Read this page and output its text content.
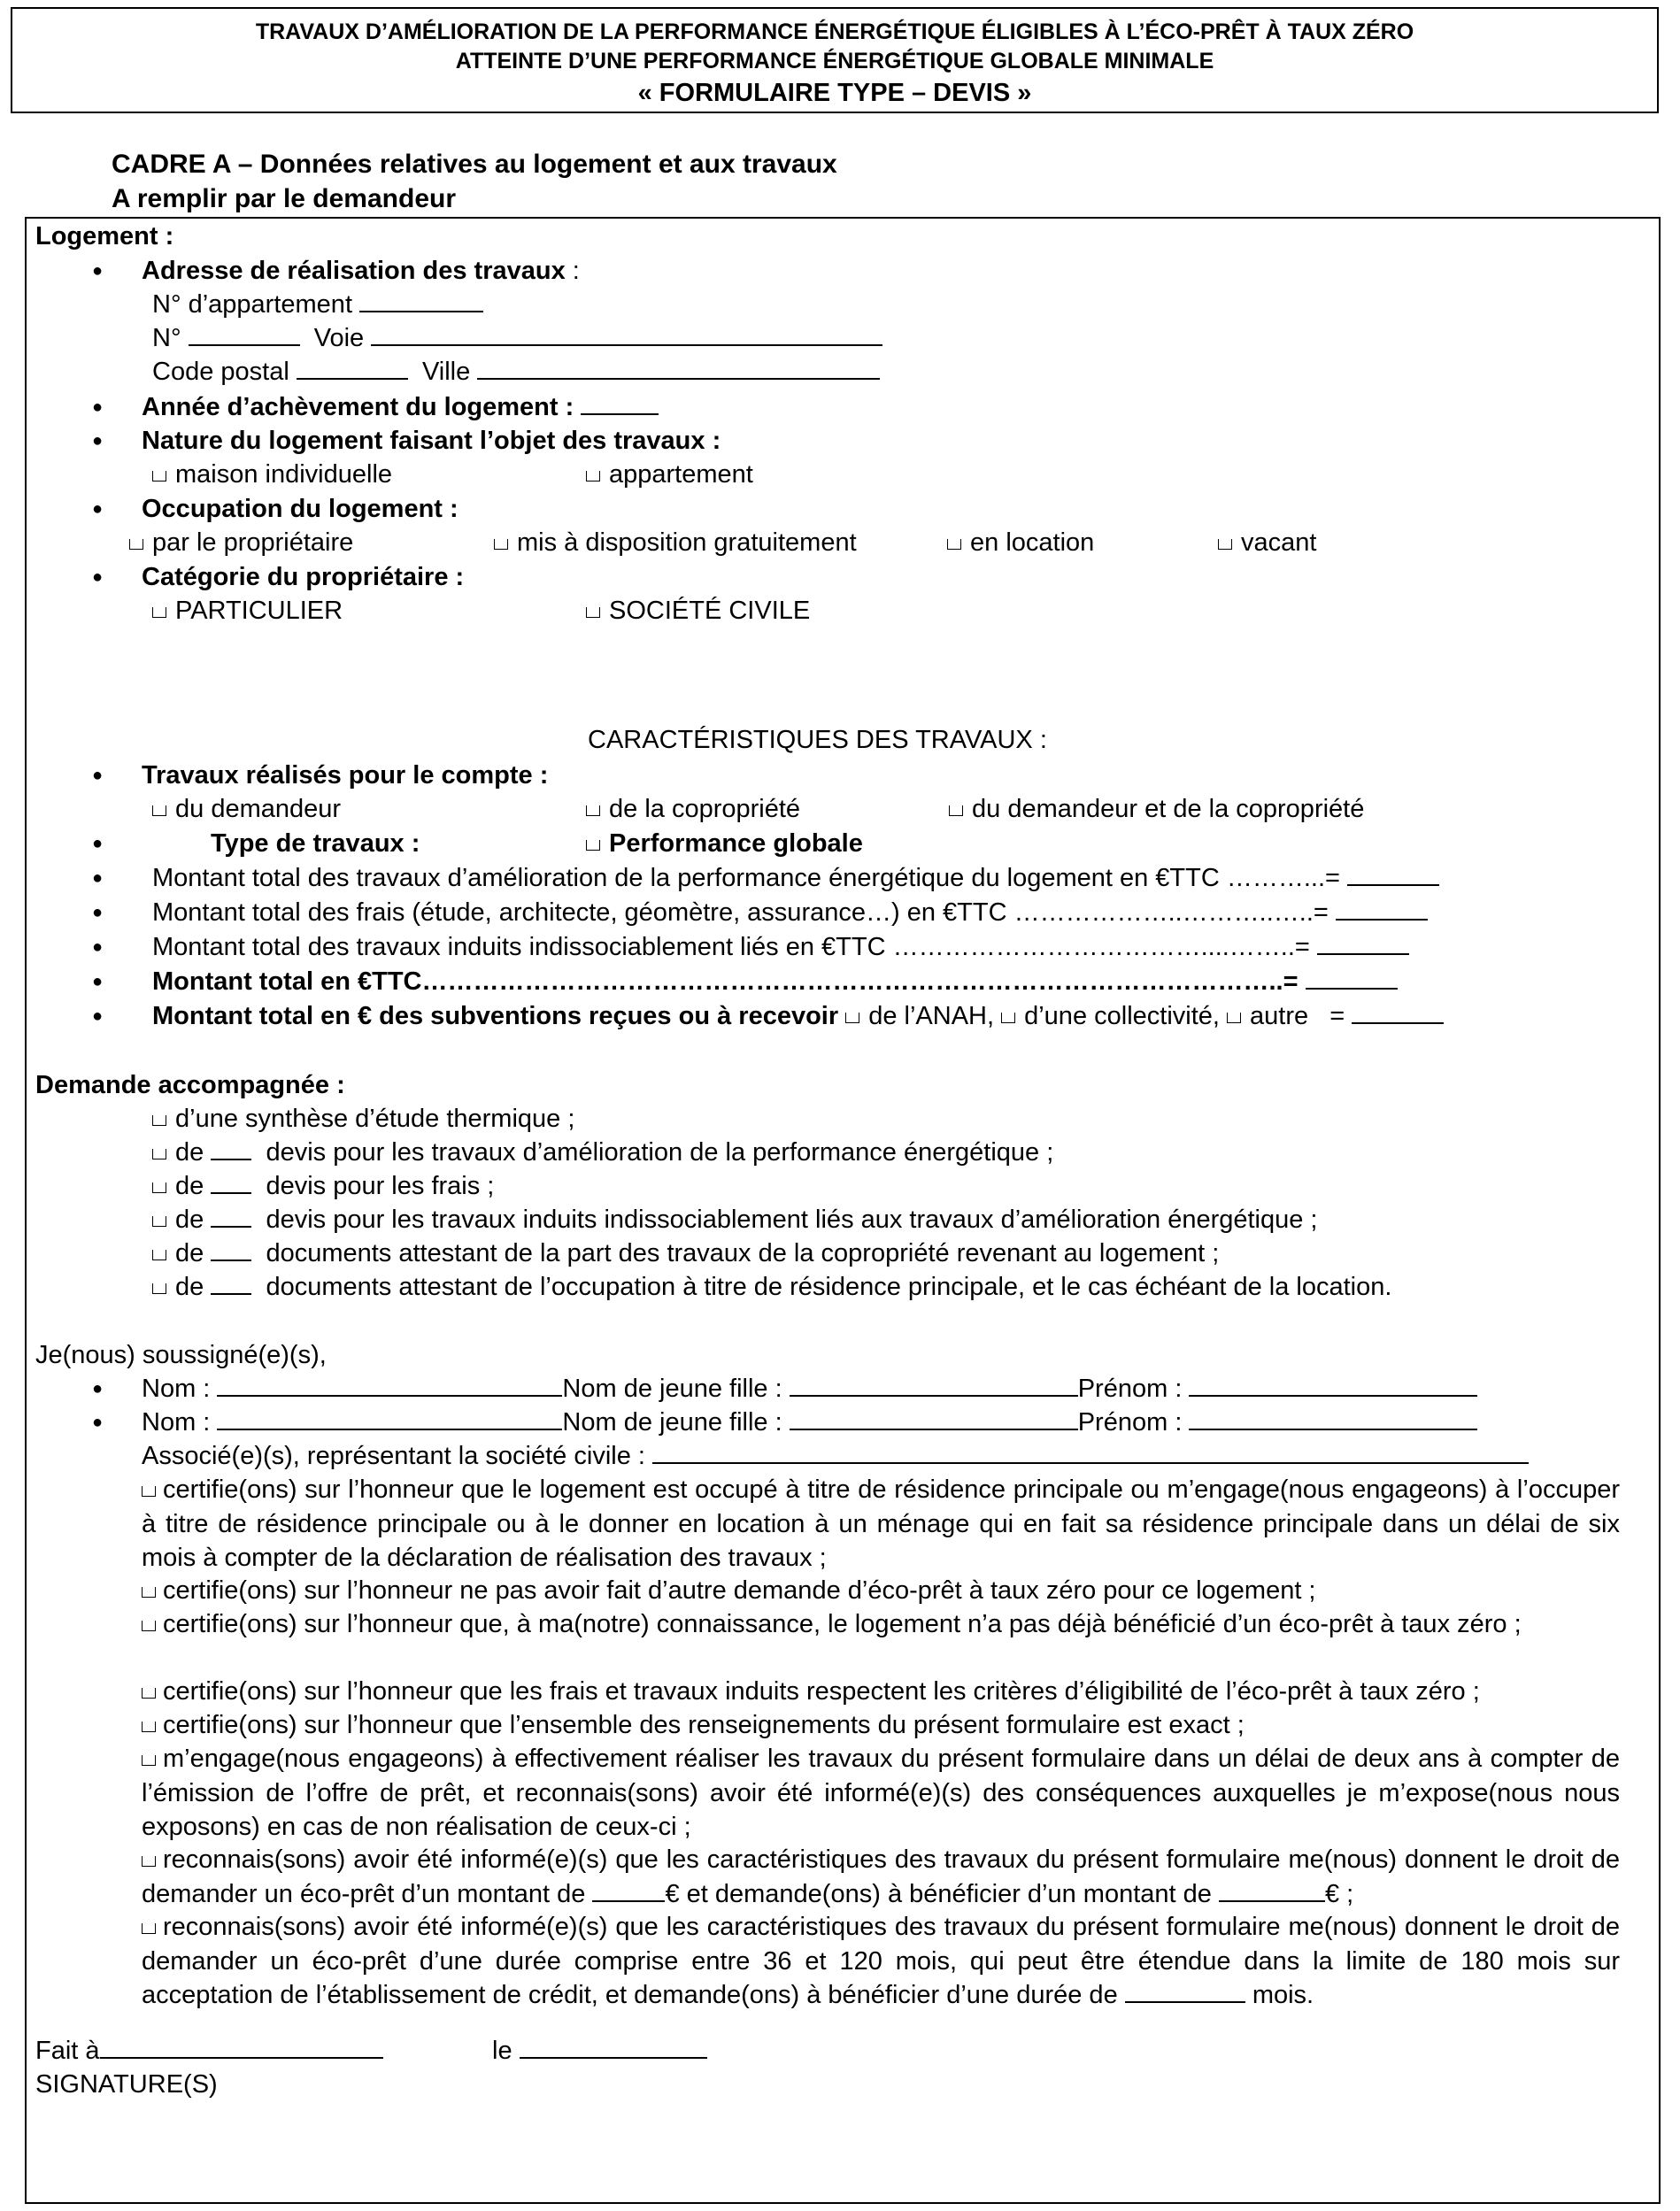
TRAVAUX D’AMÉLIORATION DE LA PERFORMANCE ÉNERGÉTIQUE ÉLIGIBLES À L’ÉCO-PRÊT À TAUX ZÉRO
ATTEINTE D’UNE PERFORMANCE ÉNERGÉTIQUE GLOBALE MINIMALE
« FORMULAIRE TYPE – DEVIS »
CADRE A – Données relatives au logement et aux travaux
A remplir par le demandeur
Logement :
● Adresse de réalisation des travaux :
N° d’appartement
N°	Voie
Code postal	Ville
● Année d’achèvement du logement :
● Nature du logement faisant l’objet des travaux :
maison individuelle	appartement
● Occupation du logement :
par le propriétaire	mis à disposition gratuitement	en location	vacant
● Catégorie du propriétaire :
PARTICULIER	SOCIÉTÉ CIVILE
CARACTÉRISTIQUES DES TRAVAUX :
● Travaux réalisés pour le compte :
du demandeur	de la copropriété	du demandeur et de la copropriété
●	Type de travaux :	Performance globale
● Montant total des travaux d’amélioration de la performance énergétique du logement en €TTC ………...=
● Montant total des frais (étude, architecte, géomètre, assurance…) en €TTC ………………..………..…..=
● Montant total des travaux induits indissociablement liés en €TTC ………………………………....……..=
● Montant total en €TTC………………………………………………………………………………………..=
● Montant total en € des subventions reçues ou à recevoir de l’ANAH, d’une collectivité, autre =
Demande accompagnée :
d’une synthèse d’étude thermique ;
de devis pour les travaux d’amélioration de la performance énergétique ;
de devis pour les frais ;
de devis pour les travaux induits indissociablement liés aux travaux d’amélioration énergétique ;
de documents attestant de la part des travaux de la copropriété revenant au logement ;
de documents attestant de l’occupation à titre de résidence principale, et le cas échéant de la location.
Je(nous) soussigné(e)(s),
● Nom :	Nom de jeune fille :	Prénom :
● Nom :	Nom de jeune fille :	Prénom :
Associé(e)(s), représentant la société civile :
certifie(ons) sur l’honneur que le logement est occupé à titre de résidence principale ou m’engage(nous engageons) à l’occuper à titre de résidence principale ou à le donner en location à un ménage qui en fait sa résidence principale dans un délai de six mois à compter de la déclaration de réalisation des travaux ;
certifie(ons) sur l’honneur ne pas avoir fait d’autre demande d’éco-prêt à taux zéro pour ce logement ;
certifie(ons) sur l’honneur que, à ma(notre) connaissance, le logement n’a pas déjà bénéficié d’un éco-prêt à taux zéro ;
certifie(ons) sur l’honneur que les frais et travaux induits respectent les critères d’éligibilité de l’éco-prêt à taux zéro ;
certifie(ons) sur l’honneur que l’ensemble des renseignements du présent formulaire est exact ;
m’engage(nous engageons) à effectivement réaliser les travaux du présent formulaire dans un délai de deux ans à compter de l’émission de l’offre de prêt, et reconnais(sons) avoir été informé(e)(s) des conséquences auxquelles je m’expose(nous nous exposons) en cas de non réalisation de ceux-ci ;
reconnais(sons) avoir été informé(e)(s) que les caractéristiques des travaux du présent formulaire me(nous) donnent le droit de demander un éco-prêt d’un montant de	€ et demande(ons) à bénéficier d’un montant de	€ ;
reconnais(sons) avoir été informé(e)(s) que les caractéristiques des travaux du présent formulaire me(nous) donnent le droit de demander un éco-prêt d’une durée comprise entre 36 et 120 mois, qui peut être étendue dans la limite de 180 mois sur acceptation de l’établissement de crédit, et demande(ons) à bénéficier d’une durée de	mois.
Fait à	le
SIGNATURE(S)
